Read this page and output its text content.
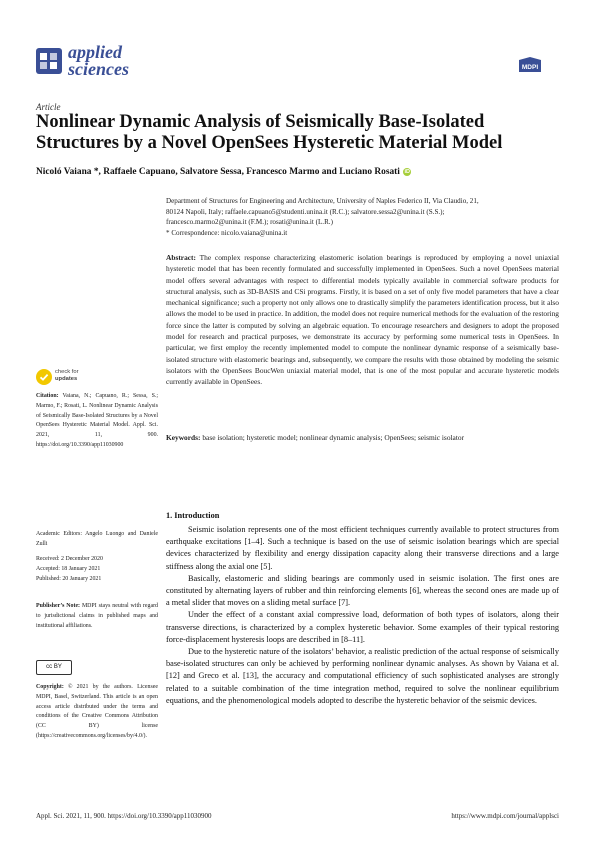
applied
sciences	MDPI
Article
Nonlinear Dynamic Analysis of Seismically Base-Isolated Structures by a Novel OpenSees Hysteretic Material Model
Nicoló Vaiana *, Raffaele Capuano, Salvatore Sessa, Francesco Marmo and Luciano Rosati iD
Department of Structures for Engineering and Architecture, University of Naples Federico II, Via Claudio, 21,
80124 Napoli, Italy; raffaele.capuano5@studenti.unina.it (R.C.); salvatore.sessa2@unina.it (S.S.);
francesco.marmo2@unina.it (F.M.); rosati@unina.it (L.R.)
* Correspondence: nicolo.vaiana@unina.it
Abstract: The complex response characterizing elastomeric isolation bearings is reproduced by employing a novel uniaxial hysteretic model that has been recently formulated and successfully implemented in OpenSees. Such a novel OpenSees material model offers several advantages with respect to differential models typically available in commercial software products for structural analysis, such as 3D-BASIS and CSi programs. Firstly, it is based on a set of only five model parameters that have a clear mechanical significance; such a property not only allows one to drastically simplify the parameters identification process, but it also allows the model to be used in practice. In addition, the model does not require numerical methods for the evaluation of the restoring force since the latter is computed by solving an algebraic equation. To encourage researchers and designers to adopt the proposed model for research and practical purposes, we demonstrate its accuracy by performing some numerical tests in OpenSees. In particular, we first employ the recently implemented model to compute the nonlinear dynamic response of a seismically base-isolated structure with elastomeric bearings and, subsequently, we compare the results with those obtained by modeling the seismic isolators with the OpenSees BoucWen uniaxial material model, that is one of the most popular and accurate hysteretic models currently available in OpenSees.
Keywords: base isolation; hysteretic model; nonlinear dynamic analysis; OpenSees; seismic isolator
check for
updates
Citation: Vaiana, N.; Capuano, R.; Sessa, S.; Marmo, F.; Rosati, L. Nonlinear Dynamic Analysis of Seismically Base-Isolated Structures by a Novel OpenSees Hysteretic Material Model. Appl. Sci. 2021, 11, 900. https://doi.org/10.3390/app11030900
Academic Editors: Angelo Luongo and Daniele Zulli
Received: 2 December 2020
Accepted: 18 January 2021
Published: 20 January 2021
Publisher’s Note: MDPI stays neutral with regard to jurisdictional claims in published maps and institutional affiliations.
cc BY
Copyright: © 2021 by the authors. Licensee MDPI, Basel, Switzerland. This article is an open access article distributed under the terms and conditions of the Creative Commons Attribution (CC BY) license (https://creativecommons.org/licenses/by/4.0/).
1. Introduction

Seismic isolation represents one of the most efficient techniques currently available to protect structures from earthquake excitations [1–4]. Such a technique is based on the use of seismic isolation bearings which are special devices characterized by flexibility and energy dissipation capacity along their transverse directions and a large stiffness along the axial one [5].

Basically, elastomeric and sliding bearings are commonly used in seismic isolation. The first ones are constituted by alternating layers of rubber and thin reinforcing elements [6], whereas the second ones are made up of a metal slider that moves on a sliding metal surface [7].

Under the effect of a constant axial compressive load, deformation of both types of isolators, along their transverse directions, is characterized by a complex hysteretic behavior. Some examples of their typical restoring force-displacement hysteresis loops are described in [8–11].

Due to the hysteretic nature of the isolators’ behavior, a realistic prediction of the actual response of seismically base-isolated structures can only be achieved by performing nonlinear dynamic analyses. As shown by Vaiana et al. [12] and Greco et al. [13], the accuracy and computational efficiency of such sophisticated analyses are strongly related to a suitable combination of the time integration method, required to solve the nonlinear equilibrium equations, and the phenomenological models adopted to describe the hysteretic behavior of the seismic devices.

Appl. Sci. 2021, 11, 900. https://doi.org/10.3390/app11030900	https://www.mdpi.com/journal/applsci
